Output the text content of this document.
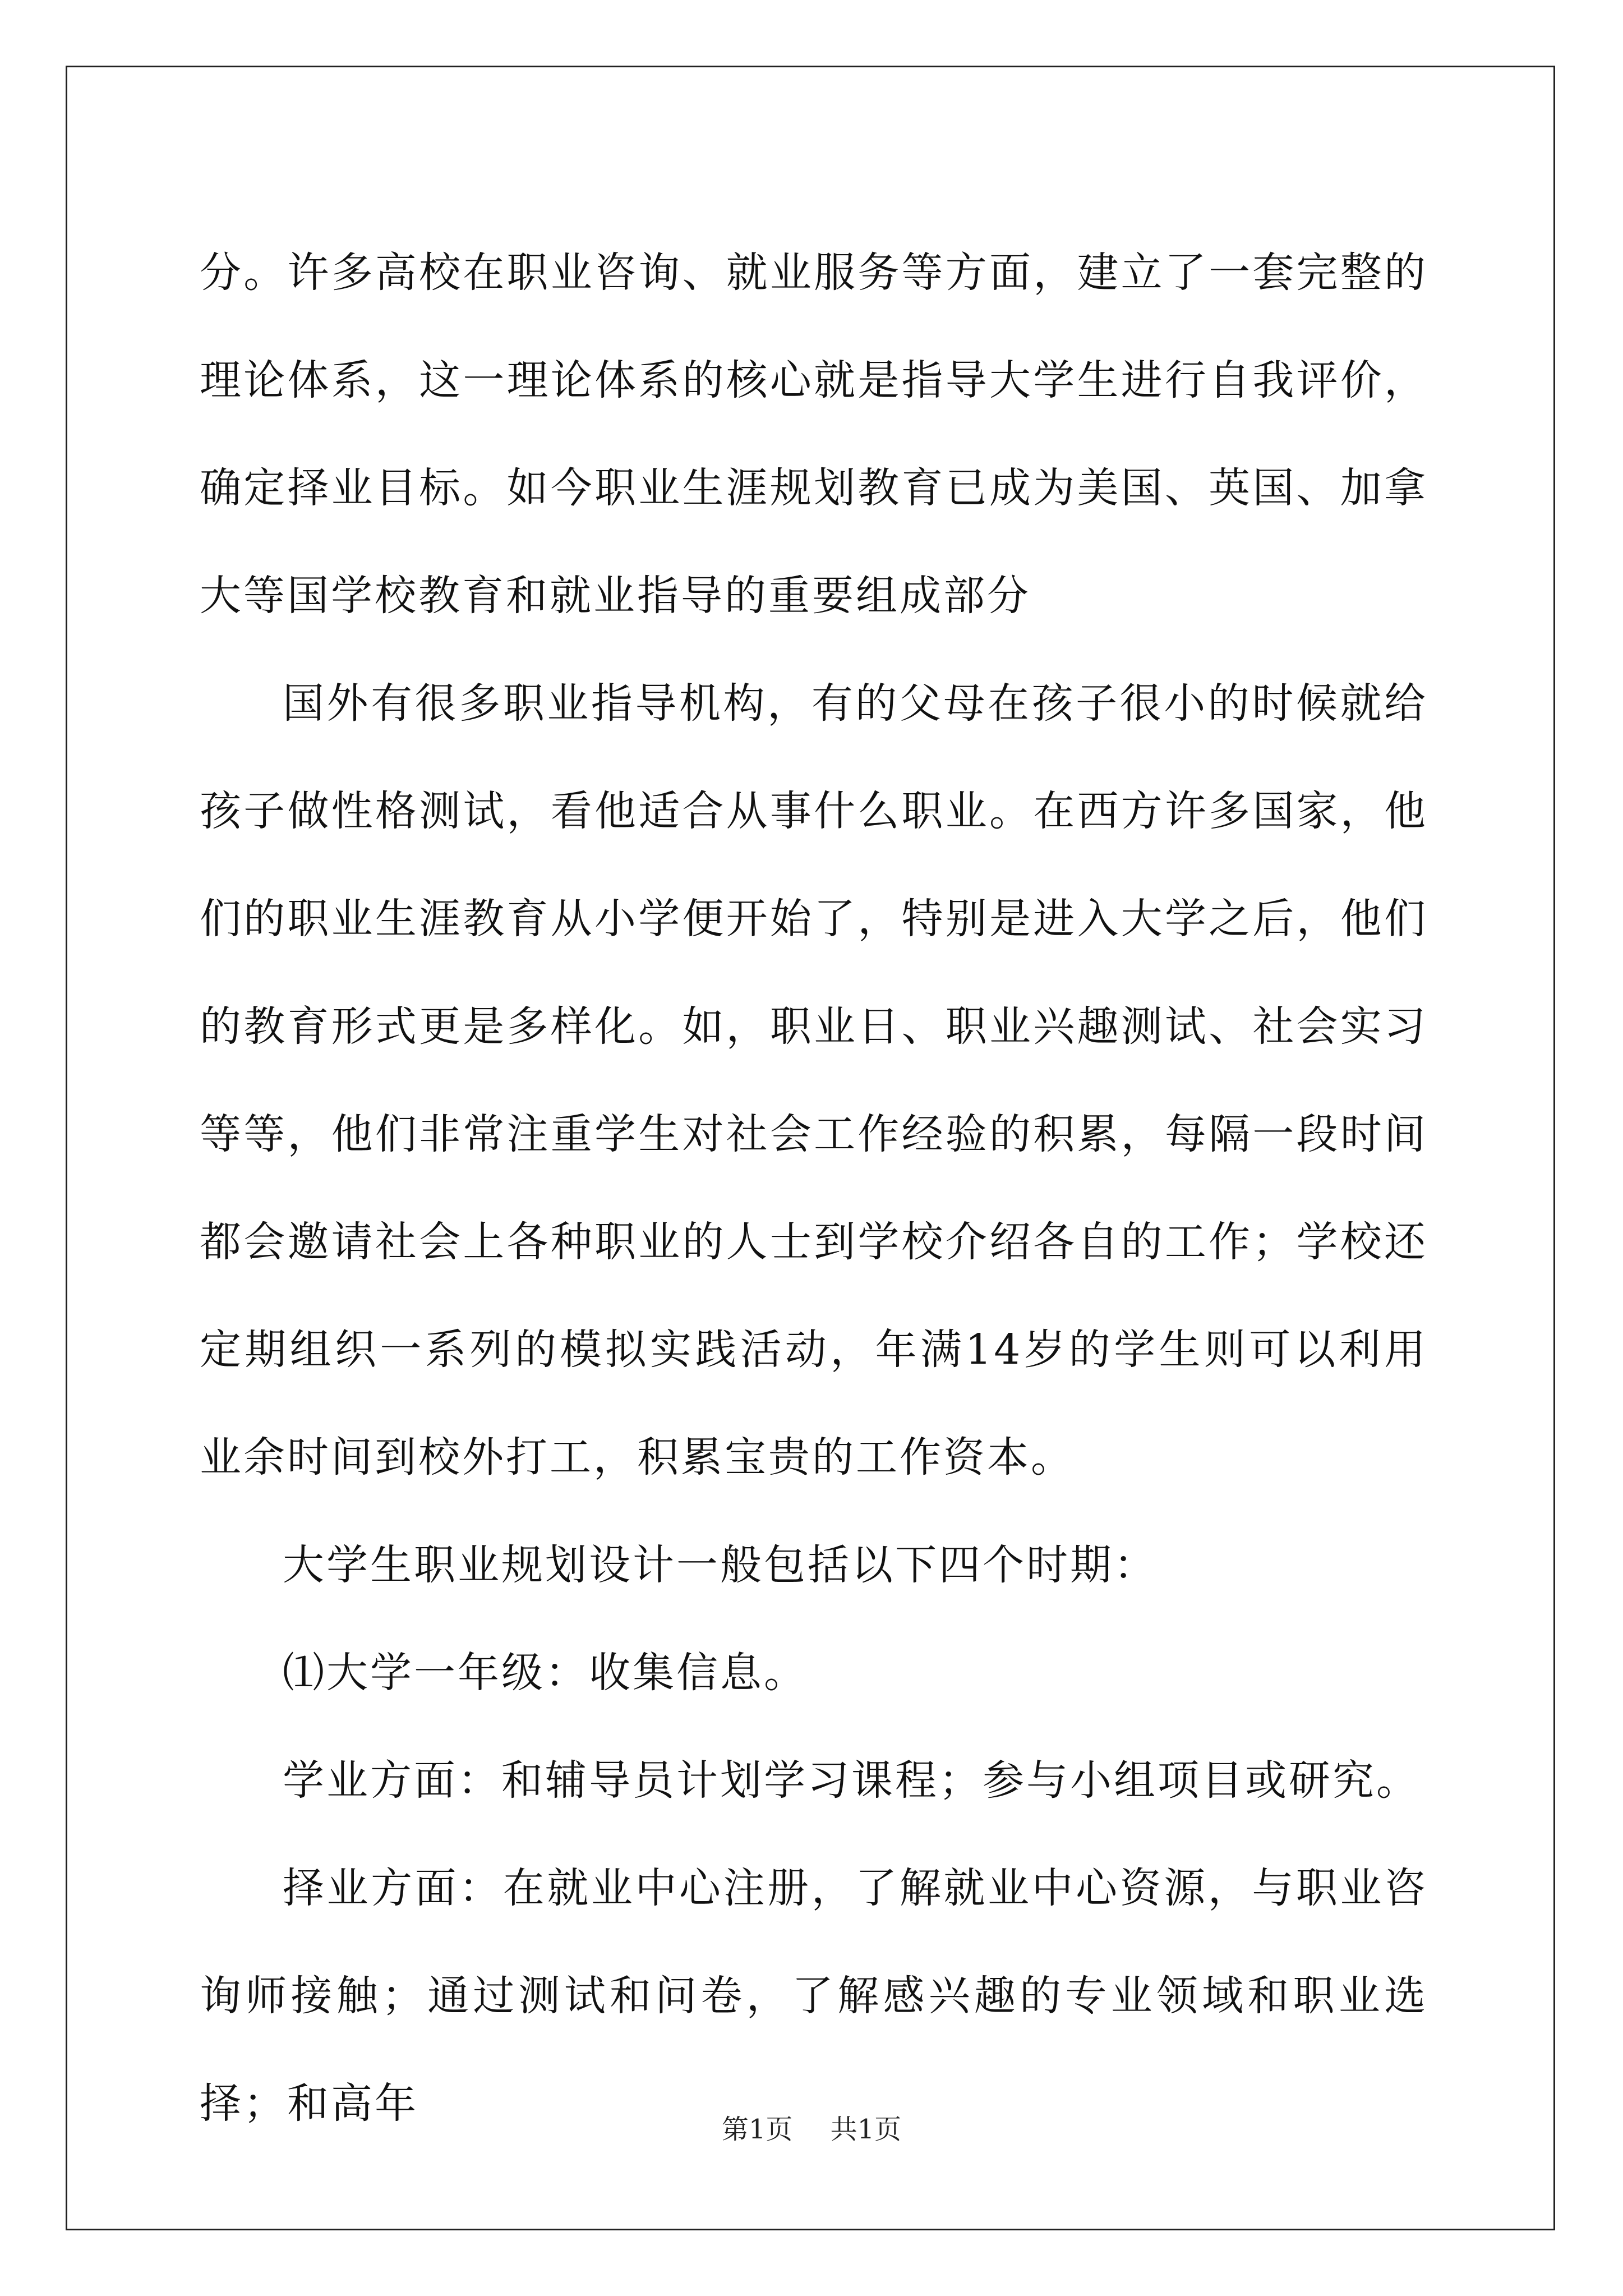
分。许多高校在职业咨询、就业服务等方面，建立了一套完整的理论体系，这一理论体系的核心就是指导大学生进行自我评价，确定择业目标。如今职业生涯规划教育已成为美国、英国、加拿大等国学校教育和就业指导的重要组成部分

国外有很多职业指导机构，有的父母在孩子很小的时候就给孩子做性格测试，看他适合从事什么职业。在西方许多国家，他们的职业生涯教育从小学便开始了，特别是进入大学之后，他们的教育形式更是多样化。如，职业日、职业兴趣测试、社会实习等等，他们非常注重学生对社会工作经验的积累，每隔一段时间都会邀请社会上各种职业的人士到学校介绍各自的工作；学校还定期组织一系列的模拟实践活动，年满14岁的学生则可以利用业余时间到校外打工，积累宝贵的工作资本。

大学生职业规划设计一般包括以下四个时期：

⑴大学一年级：收集信息。

学业方面：和辅导员计划学习课程；参与小组项目或研究。

择业方面：在就业中心注册，了解就业中心资源，与职业咨询师接触；通过测试和问卷，了解感兴趣的专业领域和职业选择；和高年

第1页 共1页
